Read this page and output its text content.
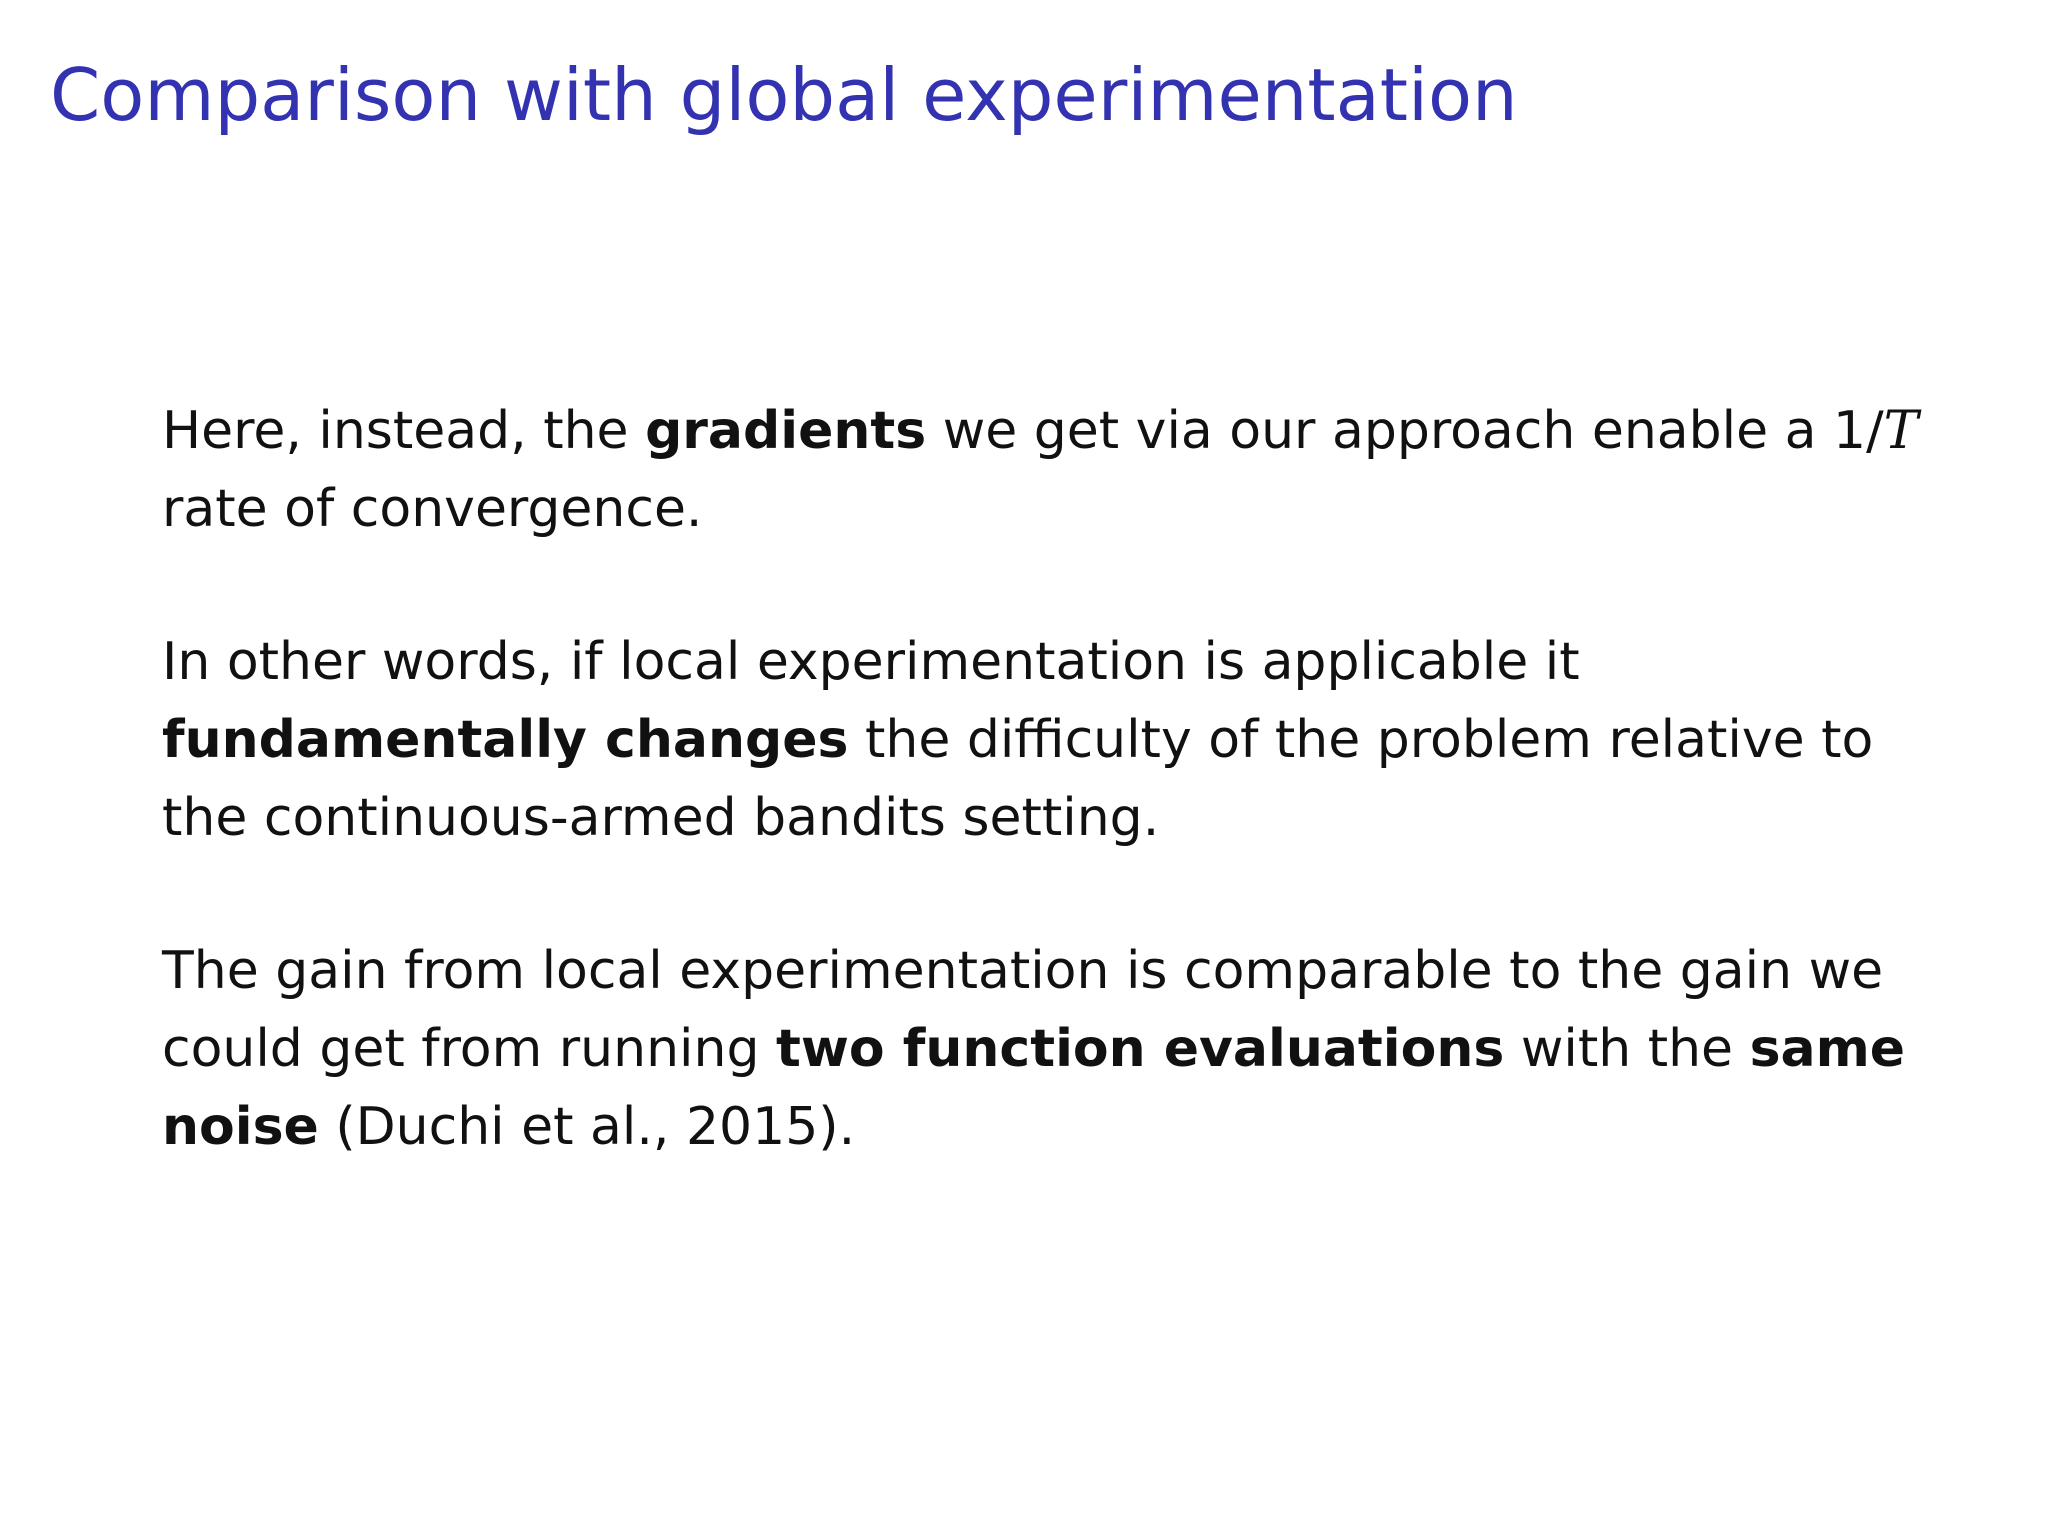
Comparison with global experimentation

Here, instead, the gradients we get via our approach enable a 1/T rate of convergence.

In other words, if local experimentation is applicable it fundamentally changes the difficulty of the problem relative to the continuous-armed bandits setting.

The gain from local experimentation is comparable to the gain we could get from running two function evaluations with the same noise (Duchi et al., 2015).
